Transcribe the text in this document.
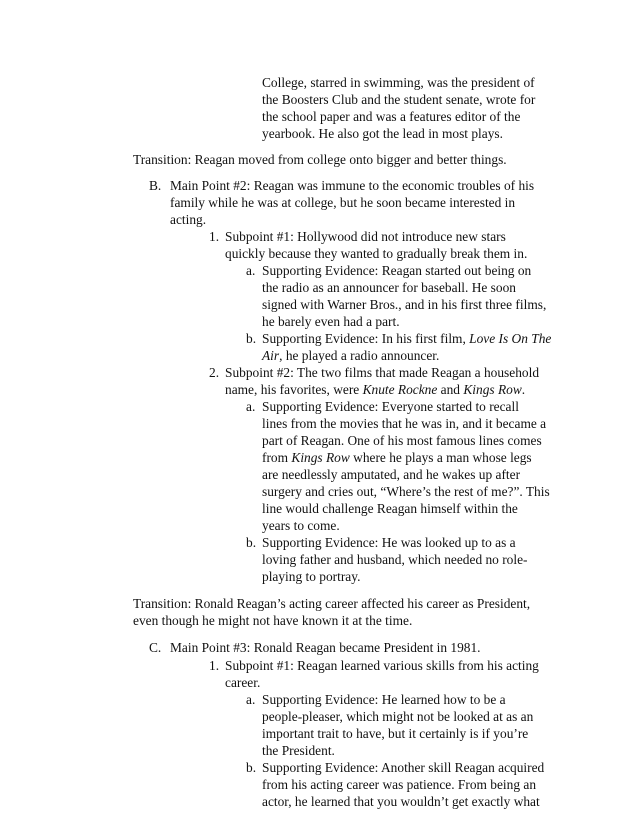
College, starred in swimming, was the president of
the Boosters Club and the student senate, wrote for
the school paper and was a features editor of the
yearbook. He also got the lead in most plays.
Transition: Reagan moved from college onto bigger and better things.
B. Main Point #2: Reagan was immune to the economic troubles of his
family while he was at college, but he soon became interested in
acting.
1. Subpoint #1: Hollywood did not introduce new stars
quickly because they wanted to gradually break them in.
a. Supporting Evidence: Reagan started out being on
the radio as an announcer for baseball. He soon
signed with Warner Bros., and in his first three films,
he barely even had a part.
b. Supporting Evidence: In his first film, Love Is On The
Air, he played a radio announcer.
2. Subpoint #2: The two films that made Reagan a household
name, his favorites, were Knute Rockne and Kings Row.
a. Supporting Evidence: Everyone started to recall
lines from the movies that he was in, and it became a
part of Reagan. One of his most famous lines comes
from Kings Row where he plays a man whose legs
are needlessly amputated, and he wakes up after
surgery and cries out, “Where’s the rest of me?”. This
line would challenge Reagan himself within the
years to come.
b. Supporting Evidence: He was looked up to as a
loving father and husband, which needed no role-
playing to portray.
Transition: Ronald Reagan’s acting career affected his career as President,
even though he might not have known it at the time.
C. Main Point #3: Ronald Reagan became President in 1981.
1. Subpoint #1: Reagan learned various skills from his acting
career.
a. Supporting Evidence: He learned how to be a
people-pleaser, which might not be looked at as an
important trait to have, but it certainly is if you’re
the President.
b. Supporting Evidence: Another skill Reagan acquired
from his acting career was patience. From being an
actor, he learned that you wouldn’t get exactly what
